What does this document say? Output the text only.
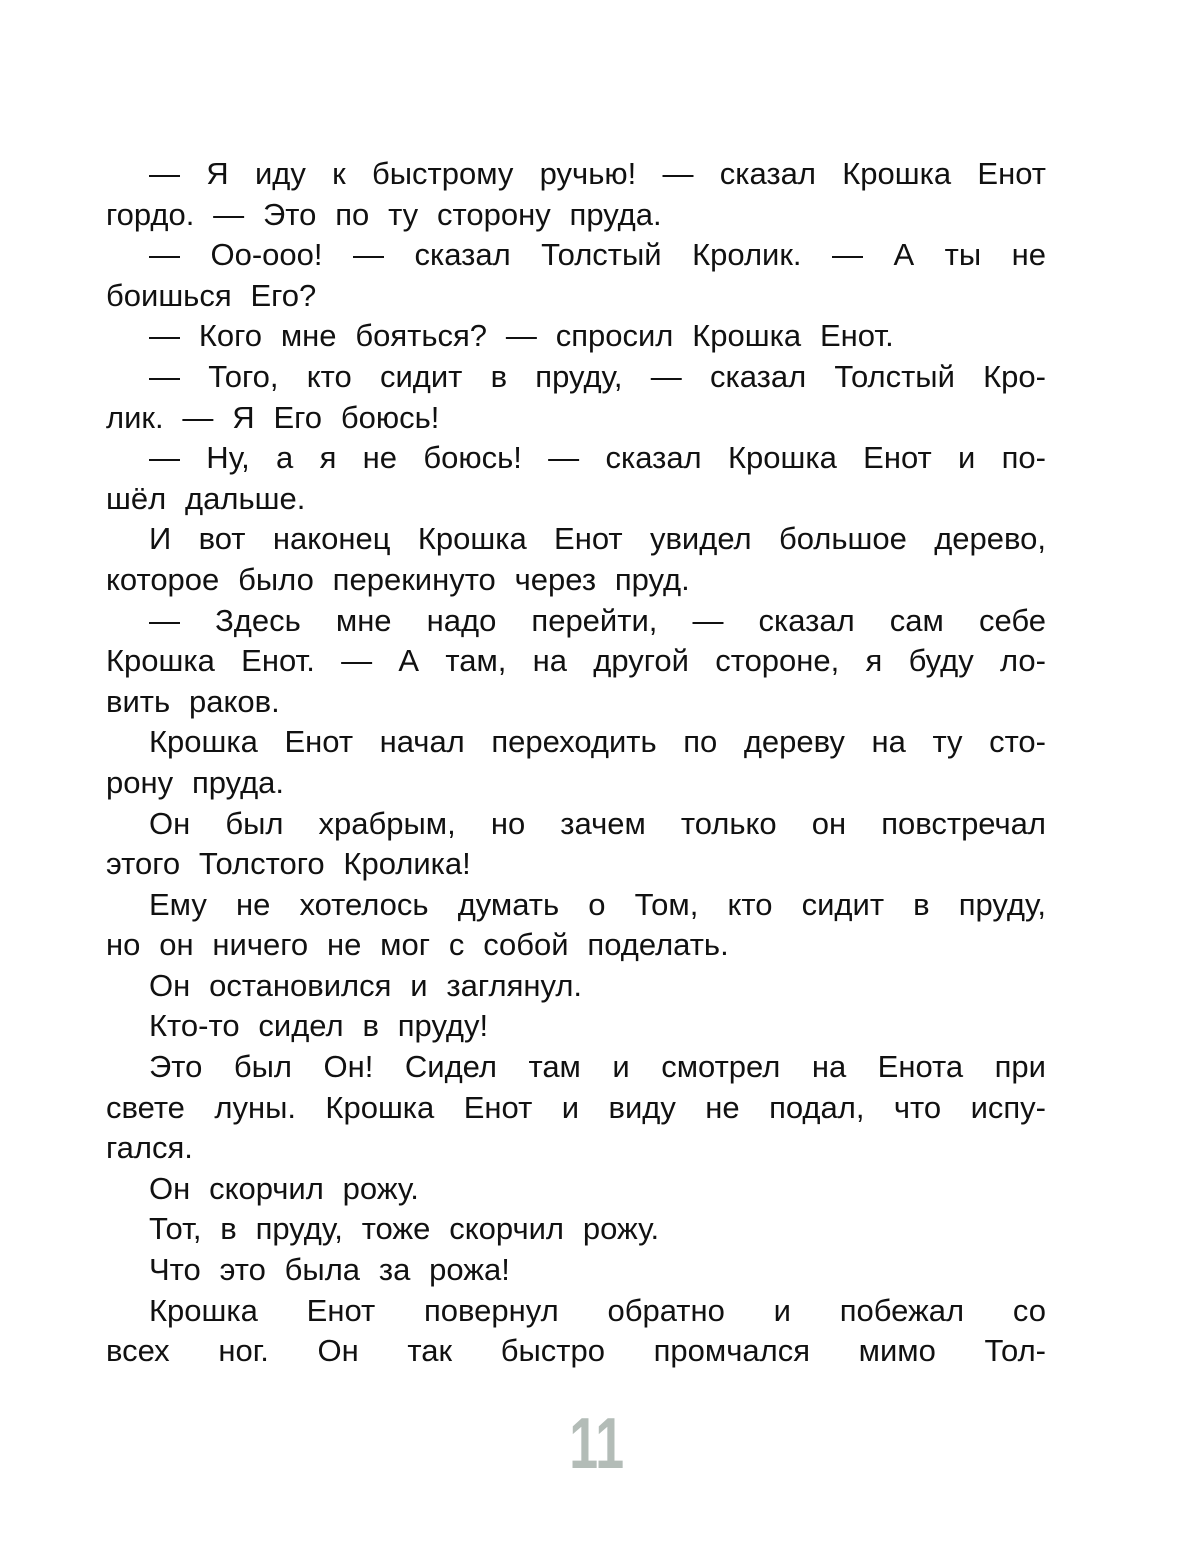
— Я иду к быстрому ручью! — сказал Крошка Енот
гордо. — Это по ту сторону пруда.
— Оо-ооо! — сказал Толстый Кролик. — А ты не
боишься Его?
— Кого мне бояться? — спросил Крошка Енот.
— Того, кто сидит в пруду, — сказал Толстый Кро-
лик. — Я Его боюсь!
— Ну, а я не боюсь! — сказал Крошка Енот и по-
шёл дальше.
И вот наконец Крошка Енот увидел большое дерево,
которое было перекинуто через пруд.
— Здесь мне надо перейти, — сказал сам себе
Крошка Енот. — А там, на другой стороне, я буду ло-
вить раков.
Крошка Енот начал переходить по дереву на ту сто-
рону пруда.
Он был храбрым, но зачем только он повстречал
этого Толстого Кролика!
Ему не хотелось думать о Том, кто сидит в пруду,
но он ничего не мог с собой поделать.
Он остановился и заглянул.
Кто-то сидел в пруду!
Это был Он! Сидел там и смотрел на Енота при
свете луны. Крошка Енот и виду не подал, что испу-
гался.
Он скорчил рожу.
Тот, в пруду, тоже скорчил рожу.
Что это была за рожа!
Крошка Енот повернул обратно и побежал со
всех ног. Он так быстро промчался мимо Тол-
11
